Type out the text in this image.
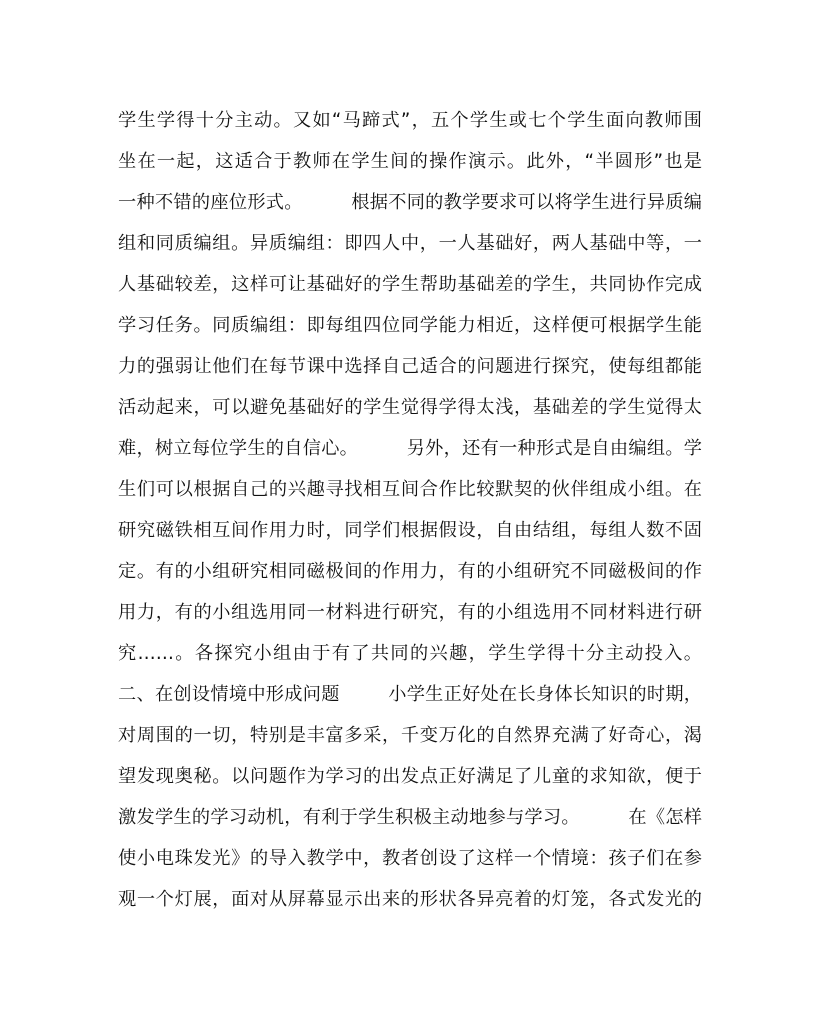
学生学得十分主动。又如“马蹄式”，五个学生或七个学生面向教师围
坐在一起，这适合于教师在学生间的操作演示。此外，“半圆形”也是
一种不错的座位形式。        根据不同的教学要求可以将学生进行异质编
组和同质编组。异质编组：即四人中，一人基础好，两人基础中等，一
人基础较差，这样可让基础好的学生帮助基础差的学生，共同协作完成
学习任务。同质编组：即每组四位同学能力相近，这样便可根据学生能
力的强弱让他们在每节课中选择自己适合的问题进行探究，使每组都能
活动起来，可以避免基础好的学生觉得学得太浅，基础差的学生觉得太
难，树立每位学生的自信心。        另外，还有一种形式是自由编组。学
生们可以根据自己的兴趣寻找相互间合作比较默契的伙伴组成小组。在
研究磁铁相互间作用力时，同学们根据假设，自由结组，每组人数不固
定。有的小组研究相同磁极间的作用力，有的小组研究不同磁极间的作
用力，有的小组选用同一材料进行研究，有的小组选用不同材料进行研
究……。各探究小组由于有了共同的兴趣，学生学得十分主动投入。
二、在创设情境中形成问题        小学生正好处在长身体长知识的时期，
对周围的一切，特别是丰富多采，千变万化的自然界充满了好奇心，渴
望发现奥秘。以问题作为学习的出发点正好满足了儿童的求知欲，便于
激发学生的学习动机，有利于学生积极主动地参与学习。        在《怎样
使小电珠发光》的导入教学中，教者创设了这样一个情境：孩子们在参
观一个灯展，面对从屏幕显示出来的形状各异亮着的灯笼，各式发光的
